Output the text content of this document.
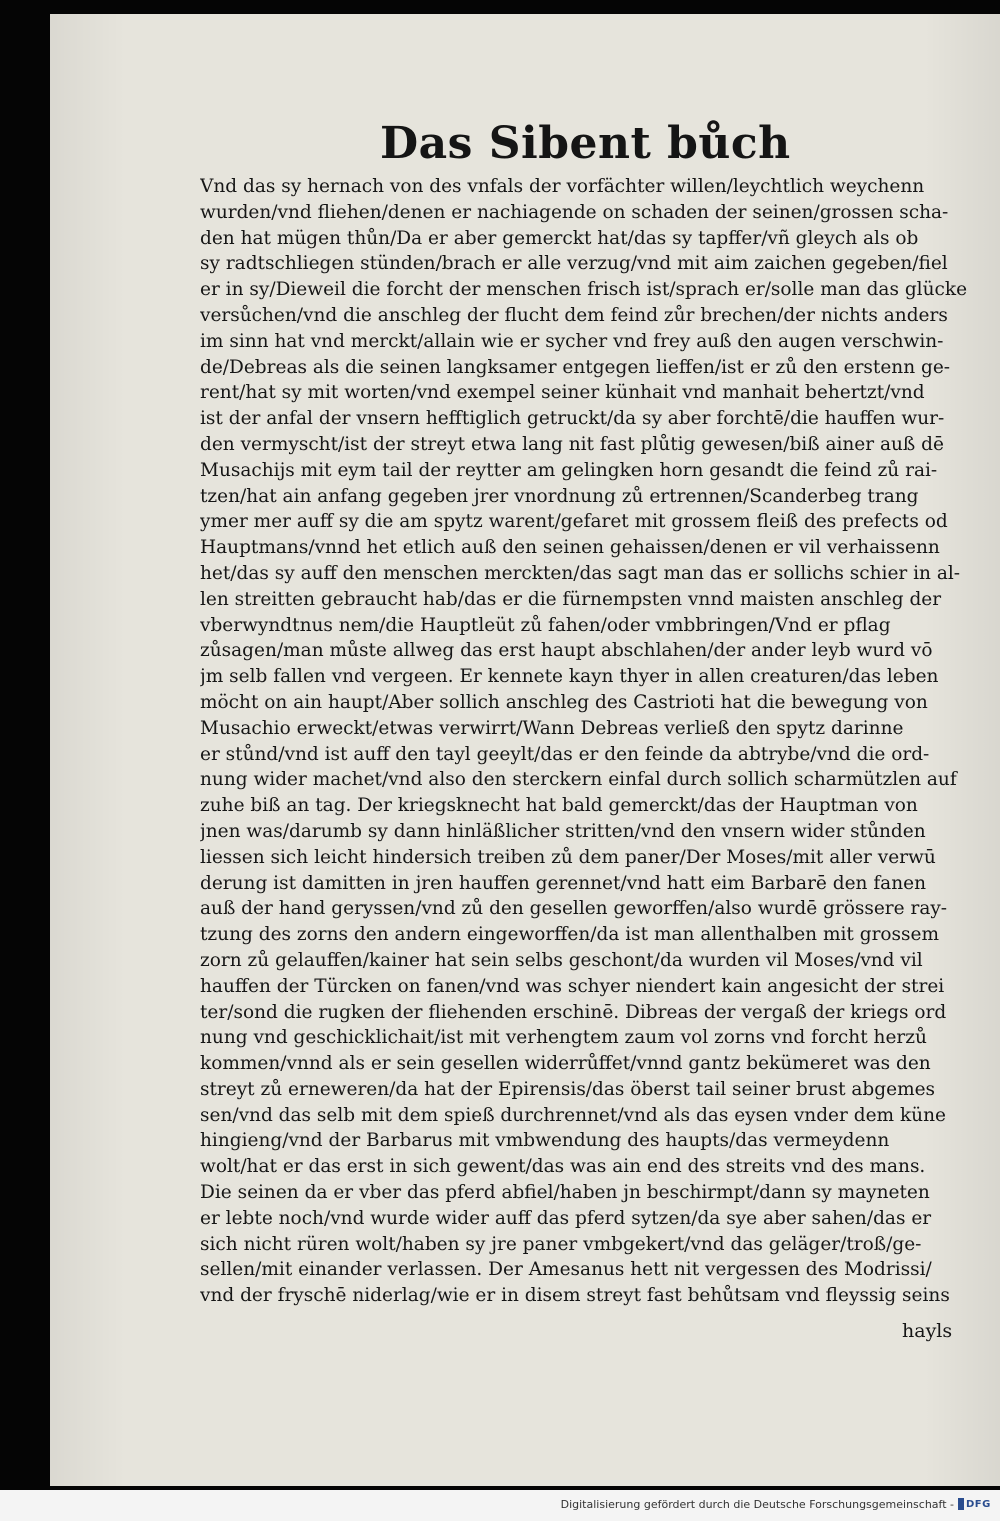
Das Sibent bůch
Vnd das sy hernach von des vnfals der vorfächter willen/leychtlich weychenn
wurden/vnd fliehen/denen er nachiagende on schaden der seinen/grossen scha-
den hat mügen thůn/Da er aber gemerckt hat/das sy tapffer/vñ gleych als ob
sy radtschliegen stünden/brach er alle verzug/vnd mit aim zaichen gegeben/fiel
er in sy/Dieweil die forcht der menschen frisch ist/sprach er/solle man das glücke
versůchen/vnd die anschleg der flucht dem feind zůr brechen/der nichts anders
im sinn hat vnd merckt/allain wie er sycher vnd frey auß den augen verschwin-
de/Debreas als die seinen langksamer entgegen lieffen/ist er zů den erstenn ge-
rent/hat sy mit worten/vnd exempel seiner künhait vnd manhait behertzt/vnd
ist der anfal der vnsern hefftiglich getruckt/da sy aber forchtē/die hauffen wur-
den vermyscht/ist der streyt etwa lang nit fast plůtig gewesen/biß ainer auß dē
Musachijs mit eym tail der reytter am gelingken horn gesandt die feind zů rai-
tzen/hat ain anfang gegeben jrer vnordnung zů ertrennen/Scanderbeg trang
ymer mer auff sy die am spytz warent/gefaret mit grossem fleiß des prefects od
Hauptmans/vnnd het etlich auß den seinen gehaissen/denen er vil verhaissenn
het/das sy auff den menschen merckten/das sagt man das er sollichs schier in al-
len streitten gebraucht hab/das er die fürnempsten vnnd maisten anschleg der
vberwyndtnus nem/die Hauptleüt zů fahen/oder vmbbringen/Vnd er pflag
zůsagen/man můste allweg das erst haupt abschlahen/der ander leyb wurd vō
jm selb fallen vnd vergeen. Er kennete kayn thyer in allen creaturen/das leben
möcht on ain haupt/Aber sollich anschleg des Castrioti hat die bewegung von
Musachio erweckt/etwas verwirrt/Wann Debreas verließ den spytz darinne
er stůnd/vnd ist auff den tayl geeylt/das er den feinde da abtrybe/vnd die ord-
nung wider machet/vnd also den sterckern einfal durch sollich scharmützlen auf
zuhe biß an tag. Der kriegsknecht hat bald gemerckt/das der Hauptman von
jnen was/darumb sy dann hinläßlicher stritten/vnd den vnsern wider stůnden
liessen sich leicht hindersich treiben zů dem paner/Der Moses/mit aller verwū
derung ist damitten in jren hauffen gerennet/vnd hatt eim Barbarē den fanen
auß der hand geryssen/vnd zů den gesellen geworffen/also wurdē grössere ray-
tzung des zorns den andern eingeworffen/da ist man allenthalben mit grossem
zorn zů gelauffen/kainer hat sein selbs geschont/da wurden vil Moses/vnd vil
hauffen der Türcken on fanen/vnd was schyer niendert kain angesicht der strei
ter/sond die rugken der fliehenden erschinē. Dibreas der vergaß der kriegs ord
nung vnd geschicklichait/ist mit verhengtem zaum vol zorns vnd forcht herzů
kommen/vnnd als er sein gesellen widerrůffet/vnnd gantz bekümeret was den
streyt zů erneweren/da hat der Epirensis/das öberst tail seiner brust abgemes
sen/vnd das selb mit dem spieß durchrennet/vnd als das eysen vnder dem küne
hingieng/vnd der Barbarus mit vmbwendung des haupts/das vermeydenn
wolt/hat er das erst in sich gewent/das was ain end des streits vnd des mans.
Die seinen da er vber das pferd abfiel/haben jn beschirmpt/dann sy mayneten
er lebte noch/vnd wurde wider auff das pferd sytzen/da sye aber sahen/das er
sich nicht rüren wolt/haben sy jre paner vmbgekert/vnd das geläger/troß/ge-
sellen/mit einander verlassen. Der Amesanus hett nit vergessen des Modrissi/
vnd der fryschē niderlag/wie er in disem streyt fast behůtsam vnd fleyssig seins
hayls
Digitalisierung gefördert durch die Deutsche Forschungsgemeinschaft - DFG
